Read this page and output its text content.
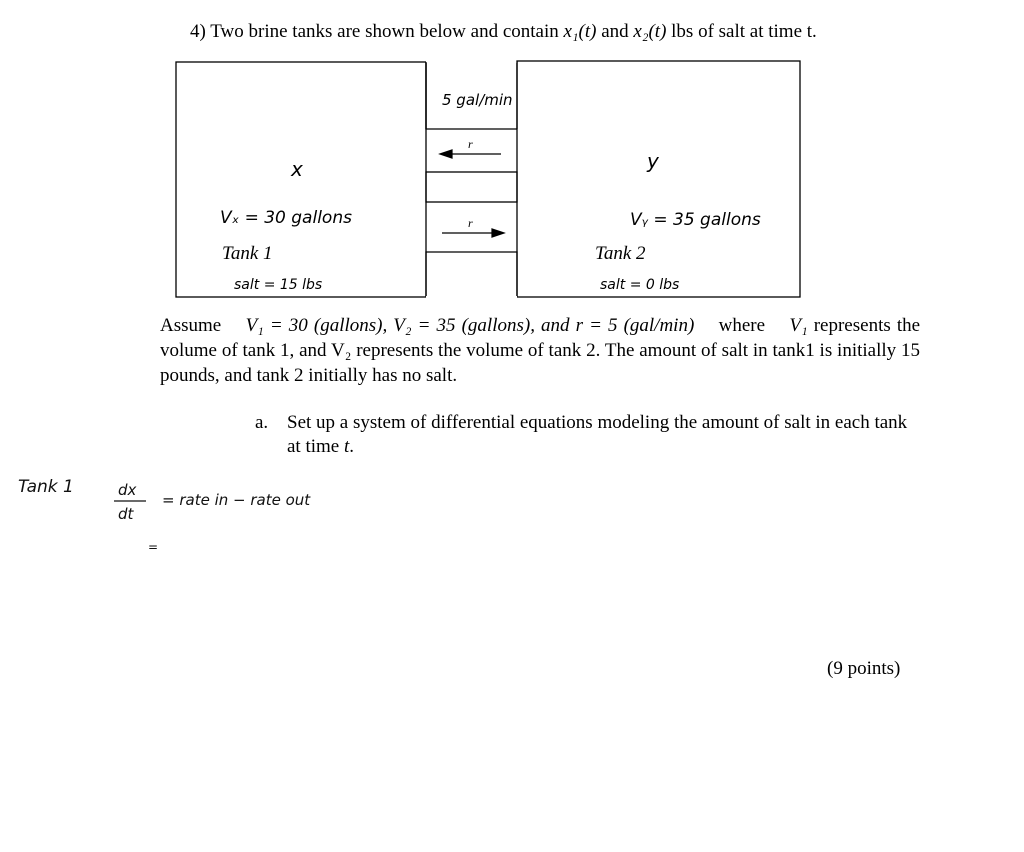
4) Two brine tanks are shown below and contain x₁(t) and x₂(t) lbs of salt at time t.
5 gal/min
r
r
x
Vₓ = 30 gallons
Tank 1
salt = 15 lbs
y
Vᵧ = 35 gallons
Tank 2
salt = 0 lbs
Assume V₁ = 30 (gallons), V₂ = 35 (gallons), and r = 5 (gal/min) where V₁ represents the volume of tank 1, and V₂ represents the volume of tank 2. The amount of salt in tank1 is initially 15 pounds, and tank 2 initially has no salt.
a. Set up a system of differential equations modeling the amount of salt in each tank at time t.
Tank 1	dx
dt
= rate in − rate out
=
(9 points)
